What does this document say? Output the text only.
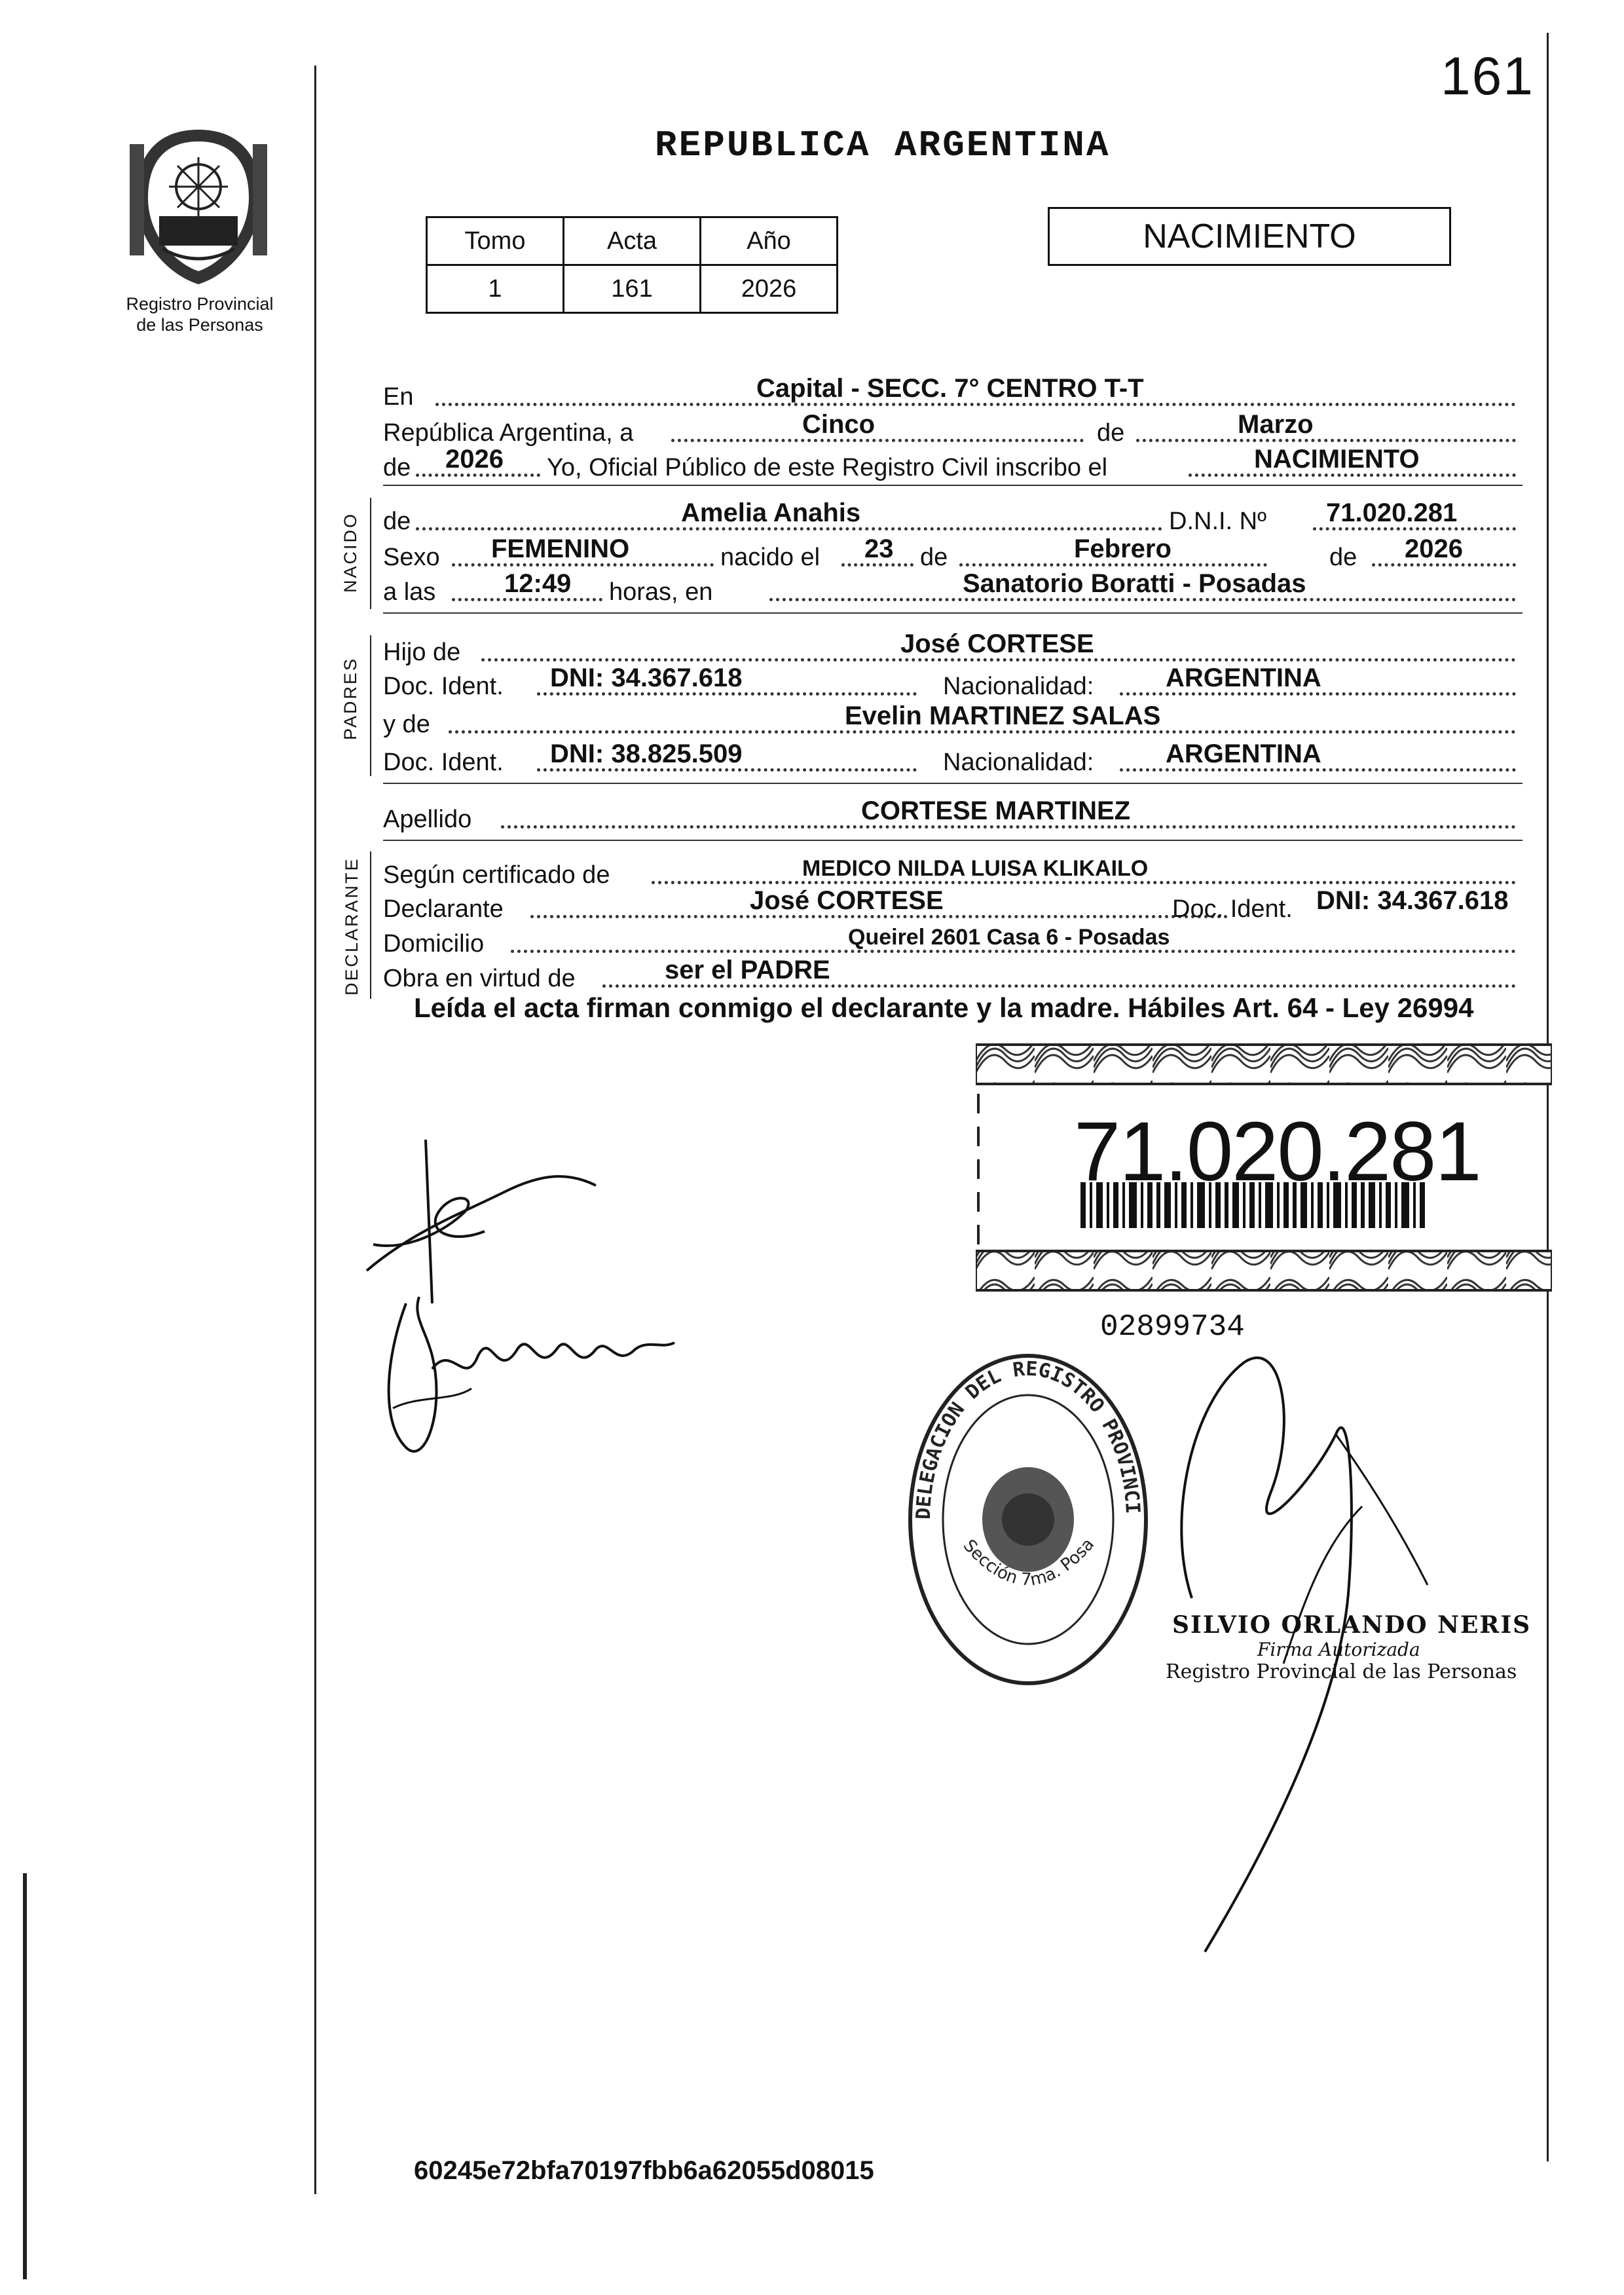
161
Registro Provincial
de las Personas
REPUBLICA ARGENTINA
Tomo	Acta	Año
1	161	2026
NACIMIENTO
En	Capital - SECC. 7° CENTRO T-T
República Argentina, a	Cinco	de	Marzo
de 2026 Yo, Oficial Público de este Registro Civil inscribo el	NACIMIENTO
NACIDO de	Amelia Anahis	D.N.I. Nº 71.020.281
Sexo FEMENINO	nacido el 23 de	Febrero	de 2026
a las	12:49 horas, en	Sanatorio Boratti - Posadas
PADRES
Hijo de	José CORTESE
Doc. Ident. DNI: 34.367.618	Nacionalidad:	ARGENTINA
y de	Evelin MARTINEZ SALAS
Doc. Ident. DNI: 38.825.509	Nacionalidad:	ARGENTINA
Apellido	CORTESE MARTINEZ
DECLARANTE Según certificado de	MEDICO NILDA LUISA KLIKAILO
Declarante	José CORTESE	Doc. Ident. DNI: 34.367.618
Domicilio	Queirel 2601 Casa 6 - Posadas
Obra en virtud de	ser el PADRE
Leída el acta firman conmigo el declarante y la madre. Hábiles Art. 64 - Ley 26994
71.020.281
02899734
DELEGACION DEL REGISTRO PROVINCI
Sección 7ma. Posa
SILVIO ORLANDO NERIS
Firma Autorizada
Registro Provincial de las Personas
60245e72bfa70197fbb6a62055d08015
